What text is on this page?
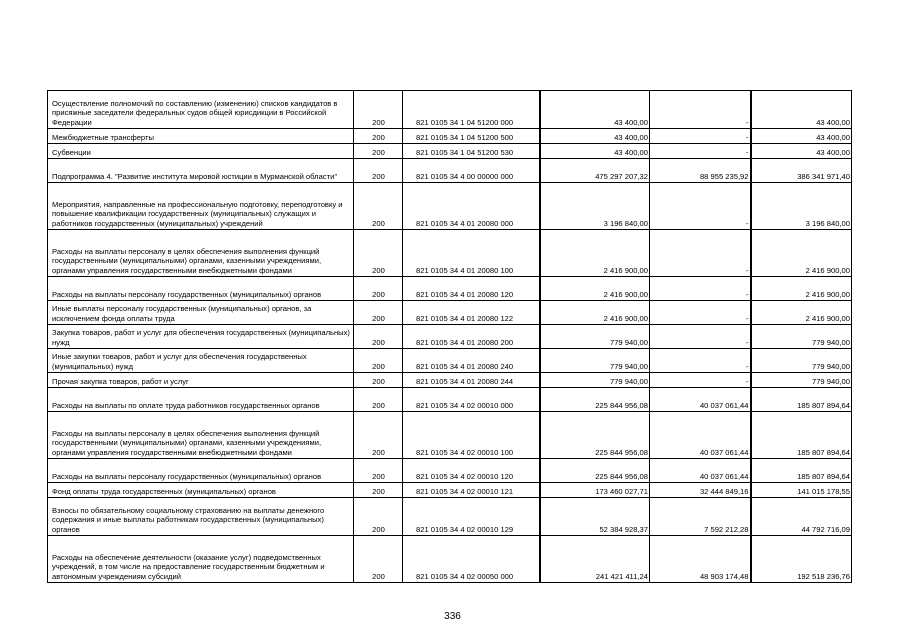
Осуществление полномочий по составлению (изменению) списков кандидатов в присяжные заседатели федеральных судов общей юрисдикции в Российской Федерации	200	821 0105 34 1 04 51200 000	43 400,00	-	43 400,00
Межбюджетные трансферты	200	821 0105 34 1 04 51200 500	43 400,00	-	43 400,00
Субвенции	200	821 0105 34 1 04 51200 530	43 400,00	-	43 400,00
Подпрограмма 4. "Развитие института мировой юстиции в Мурманской области"	200	821 0105 34 4 00 00000 000	475 297 207,32	88 955 235,92	386 341 971,40
Мероприятия, направленные на профессиональную подготовку, переподготовку и повышение квалификации государственных (муниципальных) служащих и работников государственных (муниципальных) учреждений	200	821 0105 34 4 01 20080 000	3 196 840,00	-	3 196 840,00
Расходы на выплаты персоналу в целях обеспечения выполнения функций государственными (муниципальными) органами, казенными учреждениями, органами управления государственными внебюджетными фондами	200	821 0105 34 4 01 20080 100	2 416 900,00	-	2 416 900,00
Расходы на выплаты персоналу государственных (муниципальных) органов	200	821 0105 34 4 01 20080 120	2 416 900,00	-	2 416 900,00
Иные выплаты персоналу государственных (муниципальных) органов, за исключением фонда оплаты труда	200	821 0105 34 4 01 20080 122	2 416 900,00	-	2 416 900,00
Закупка товаров, работ и услуг для обеспечения государственных (муниципальных) нужд	200	821 0105 34 4 01 20080 200	779 940,00	-	779 940,00
Иные закупки товаров, работ и услуг для обеспечения государственных (муниципальных) нужд	200	821 0105 34 4 01 20080 240	779 940,00	-	779 940,00
Прочая закупка товаров, работ и услуг	200	821 0105 34 4 01 20080 244	779 940,00	-	779 940,00
Расходы на выплаты по оплате труда работников государственных органов	200	821 0105 34 4 02 00010 000	225 844 956,08	40 037 061,44	185 807 894,64
Расходы на выплаты персоналу в целях обеспечения выполнения функций государственными (муниципальными) органами, казенными учреждениями, органами управления государственными внебюджетными фондами	200	821 0105 34 4 02 00010 100	225 844 956,08	40 037 061,44	185 807 894,64
Расходы на выплаты персоналу государственных (муниципальных) органов	200	821 0105 34 4 02 00010 120	225 844 956,08	40 037 061,44	185 807 894,64
Фонд оплаты труда государственных (муниципальных) органов	200	821 0105 34 4 02 00010 121	173 460 027,71	32 444 849,16	141 015 178,55
Взносы по обязательному социальному страхованию на выплаты денежного содержания и иные выплаты работникам государственных (муниципальных) органов	200	821 0105 34 4 02 00010 129	52 384 928,37	7 592 212,28	44 792 716,09
Расходы на обеспечение деятельности (оказание услуг) подведомственных учреждений, в том числе на предоставление государственным бюджетным и автономным учреждениям субсидий	200	821 0105 34 4 02 00050 000	241 421 411,24	48 903 174,48	192 518 236,76
336
